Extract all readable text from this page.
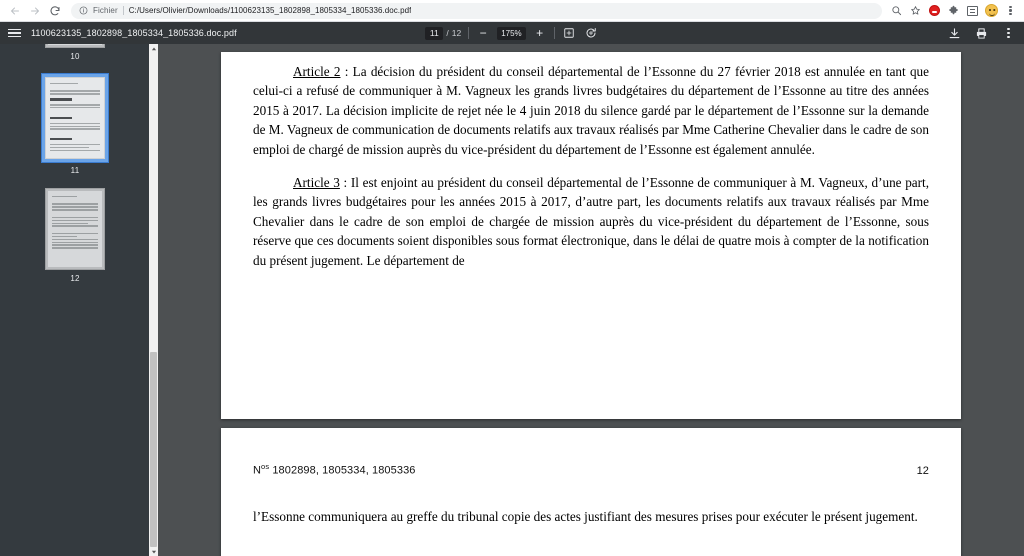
Fichier C:/Users/Olivier/Downloads/1100623135_1802898_1805334_1805336.doc.pdf
1100623135_1802898_1805334_1805336.doc.pdf
11	/ 12 −	175%	+
10
11
12

Article 2 : La décision du président du conseil départemental de l’Essonne du 27 février 2018 est annulée en tant que celui-ci a refusé de communiquer à M. Vagneux les grands livres budgétaires du département de l’Essonne au titre des années 2015 à 2017. La décision implicite de rejet née le 4 juin 2018 du silence gardé par le département de l’Essonne sur la demande de M. Vagneux de communication de documents relatifs aux travaux réalisés par Mme Catherine Chevalier dans le cadre de son emploi de chargé de mission auprès du vice-président du département de l’Essonne est également annulée.

Article 3 : Il est enjoint au président du conseil départemental de l’Essonne de communiquer à M. Vagneux, d’une part, les grands livres budgétaires pour les années 2015 à 2017, d’autre part, les documents relatifs aux travaux réalisés par Mme Chevalier dans le cadre de son emploi de chargée de mission auprès du vice-président du département de l’Essonne, sous réserve que ces documents soient disponibles sous format électronique, dans le délai de quatre mois à compter de la notification du présent jugement. Le département de

$N^{os}$ 1802898, 1805334, 1805336	12

l’Essonne communiquera au greffe du tribunal copie des actes justifiant des mesures prises pour exécuter le présent jugement.
